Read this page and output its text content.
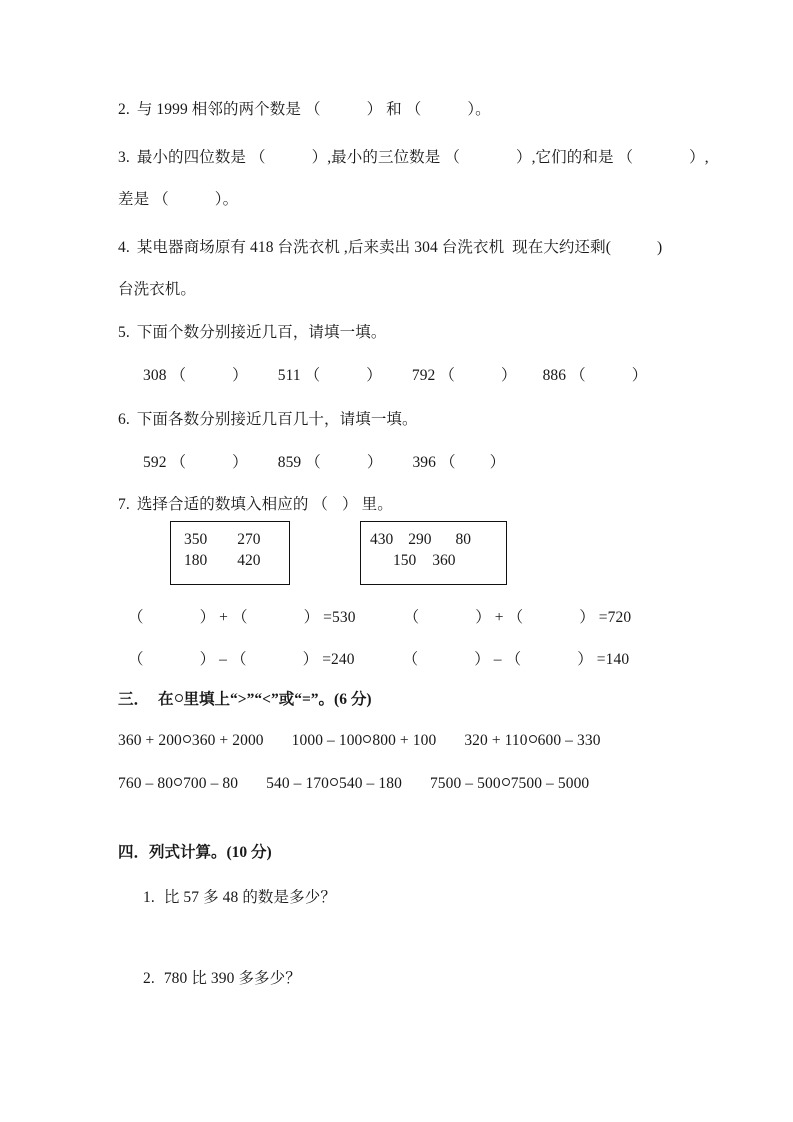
2. 与 1999 相邻的两个数是 （	） 和 （	）。
3. 最小的四位数是 （	）,最小的三位数是 （	）,它们的和是 （	）,
差是 （	）。
4. 某电器商场原有 418 台洗衣机 ,后来卖出 304 台洗衣机  现在大约还剩(	)
台洗衣机。
5. 下面个数分别接近几百，请填一填。
308 （	） 511 （	） 792 （	） 886 （	）
6. 下面各数分别接近几百几十，请填一填。
592 （	） 859 （	） 396 （ ）
7. 选择合适的数填入相应的 （ ） 里。

350 270

180 420

430 290 80

150 360

（	） + （	） =530	（	） + （	） =720
（	） – （	） =240	（	） – （	） =140
三． 在 里填上“>”“<”或“=”。(6 分)
360 + 200 360 + 2000 1000 – 100 800 + 100 320 + 110 600 – 330
760 – 80 700 – 80 540 – 170 540 – 180 7500 – 500 7500 – 5000
四．列式计算。(10 分)
1. 比 57 多 48 的数是多少？
2. 780 比 390 多多少？
